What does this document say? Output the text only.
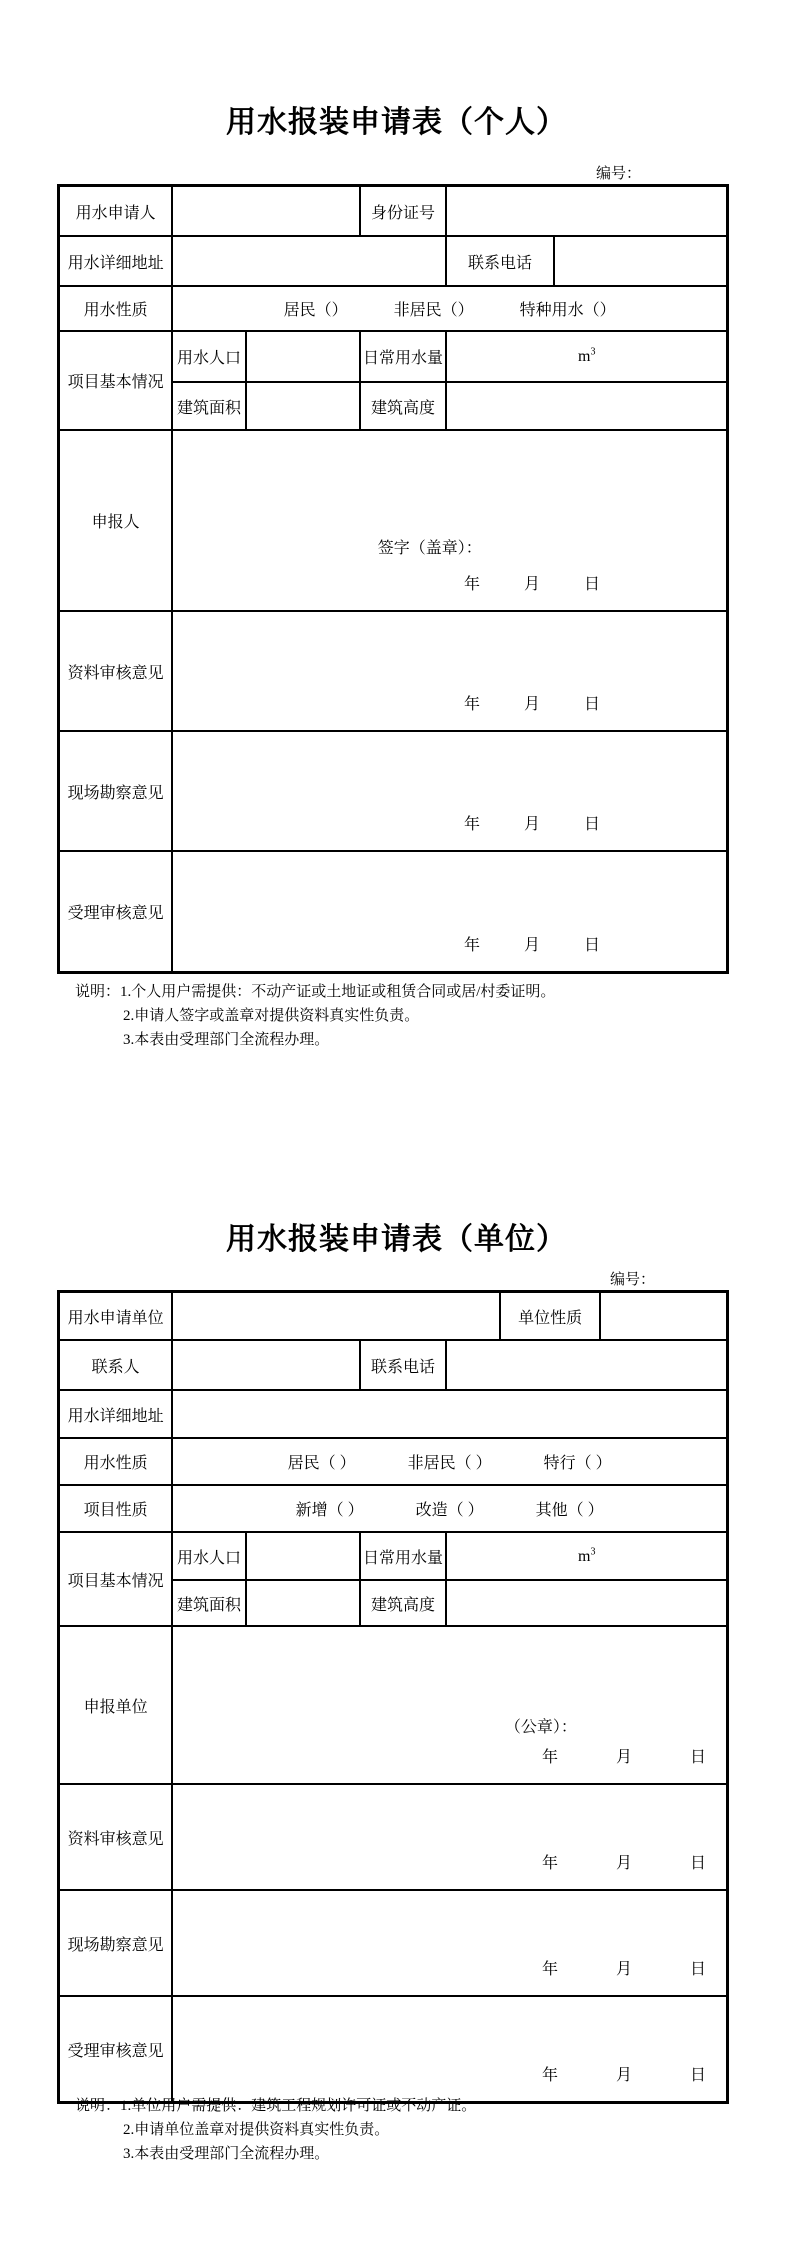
用水报装申请表（个人）
编号：
用水申请人			身份证号		
用水详细地址				联系电话	
用水性质	居民（） 非居民（） 特种用水（）				

项目基本情况	用水人口		日常用水量	$m^3$
	建筑面积		建筑高度		
申报人	签字（盖章）：
年 月 日				

资料审核意见	年 月 日				

现场勘察意见	年 月 日				

受理审核意见	年 月 日				
说明：1.个人用户需提供：不动产证或土地证或租赁合同或居/村委证明。
2.申请人签字或盖章对提供资料真实性负责。
3.本表由受理部门全流程办理。
用水报装申请表（单位）
编号：
用水申请单位					单位性质	
联系人			联系电话			
用水详细地址						
用水性质	居民（ ） 非居民（ ） 特行（ ）					

项目性质	新增（ ） 改造（ ） 其他（ ）					

项目基本情况	用水人口		日常用水量	$m^3$
	建筑面积		建筑高度			
申报单位	（公章）：
年 月 日					

资料审核意见	年 月 日					

现场勘察意见	年 月 日					

受理审核意见	年 月 日					
说明：1.单位用户需提供：建筑工程规划许可证或不动产证。
2.申请单位盖章对提供资料真实性负责。
3.本表由受理部门全流程办理。
